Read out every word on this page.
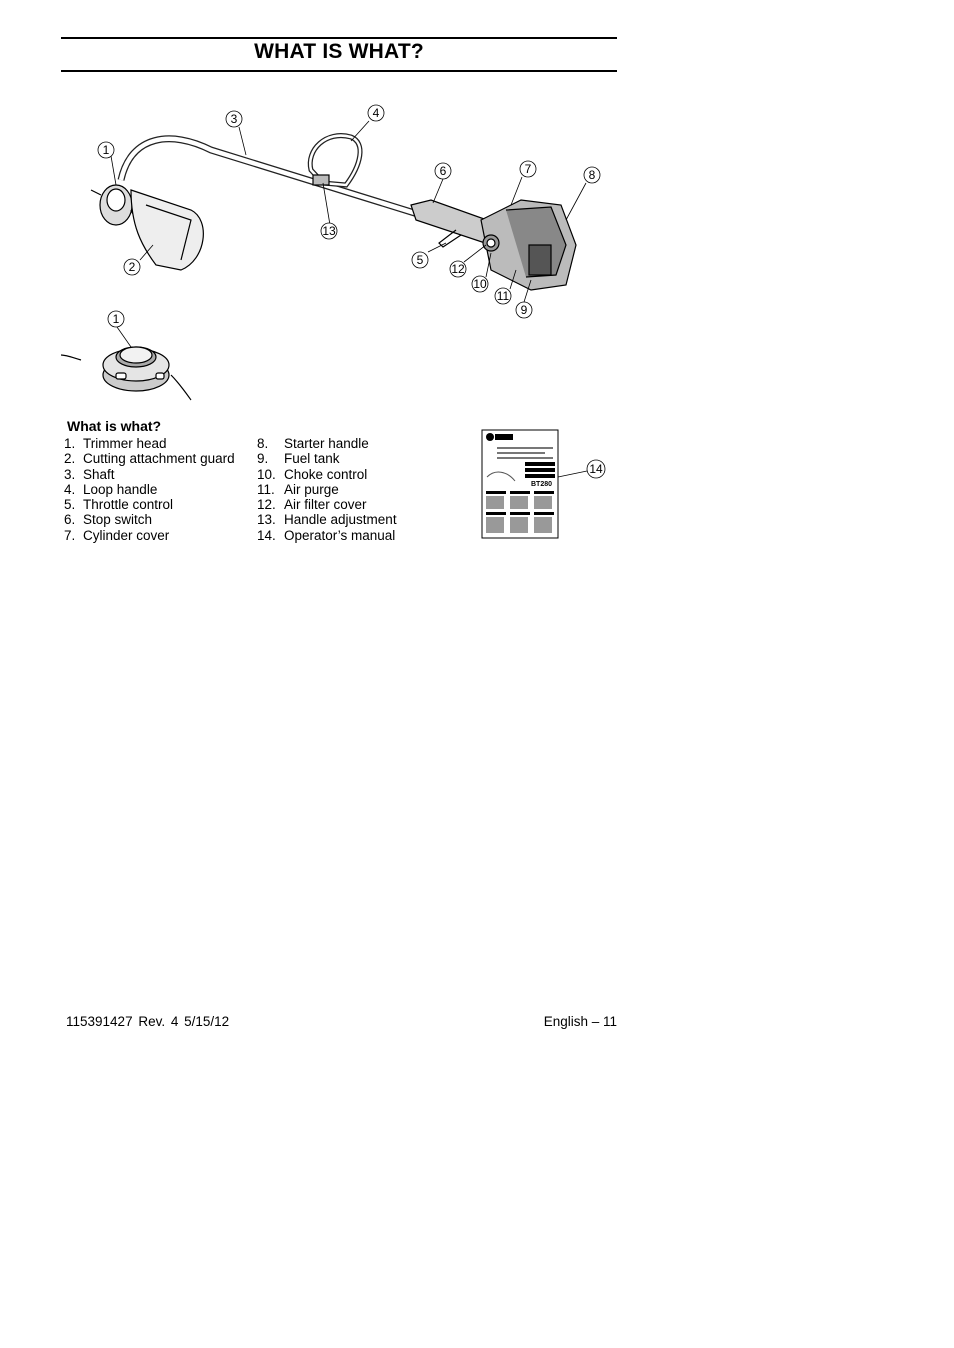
WHAT IS WHAT?
1
2
3	4
5
6	7	8
9
10
11
12
13
1
What is what?
1. Trimmer head
2. Cutting attachment guard
3. Shaft
4. Loop handle
5. Throttle control
6. Stop switch
7. Cylinder cover
8. Starter handle
9. Fuel tank
10. Choke control
11. Air purge
12. Air filter cover
13. Handle adjustment
14. Operator’s manual
BT280
14
115391427 Rev. 4 5/15/12	English – 11
